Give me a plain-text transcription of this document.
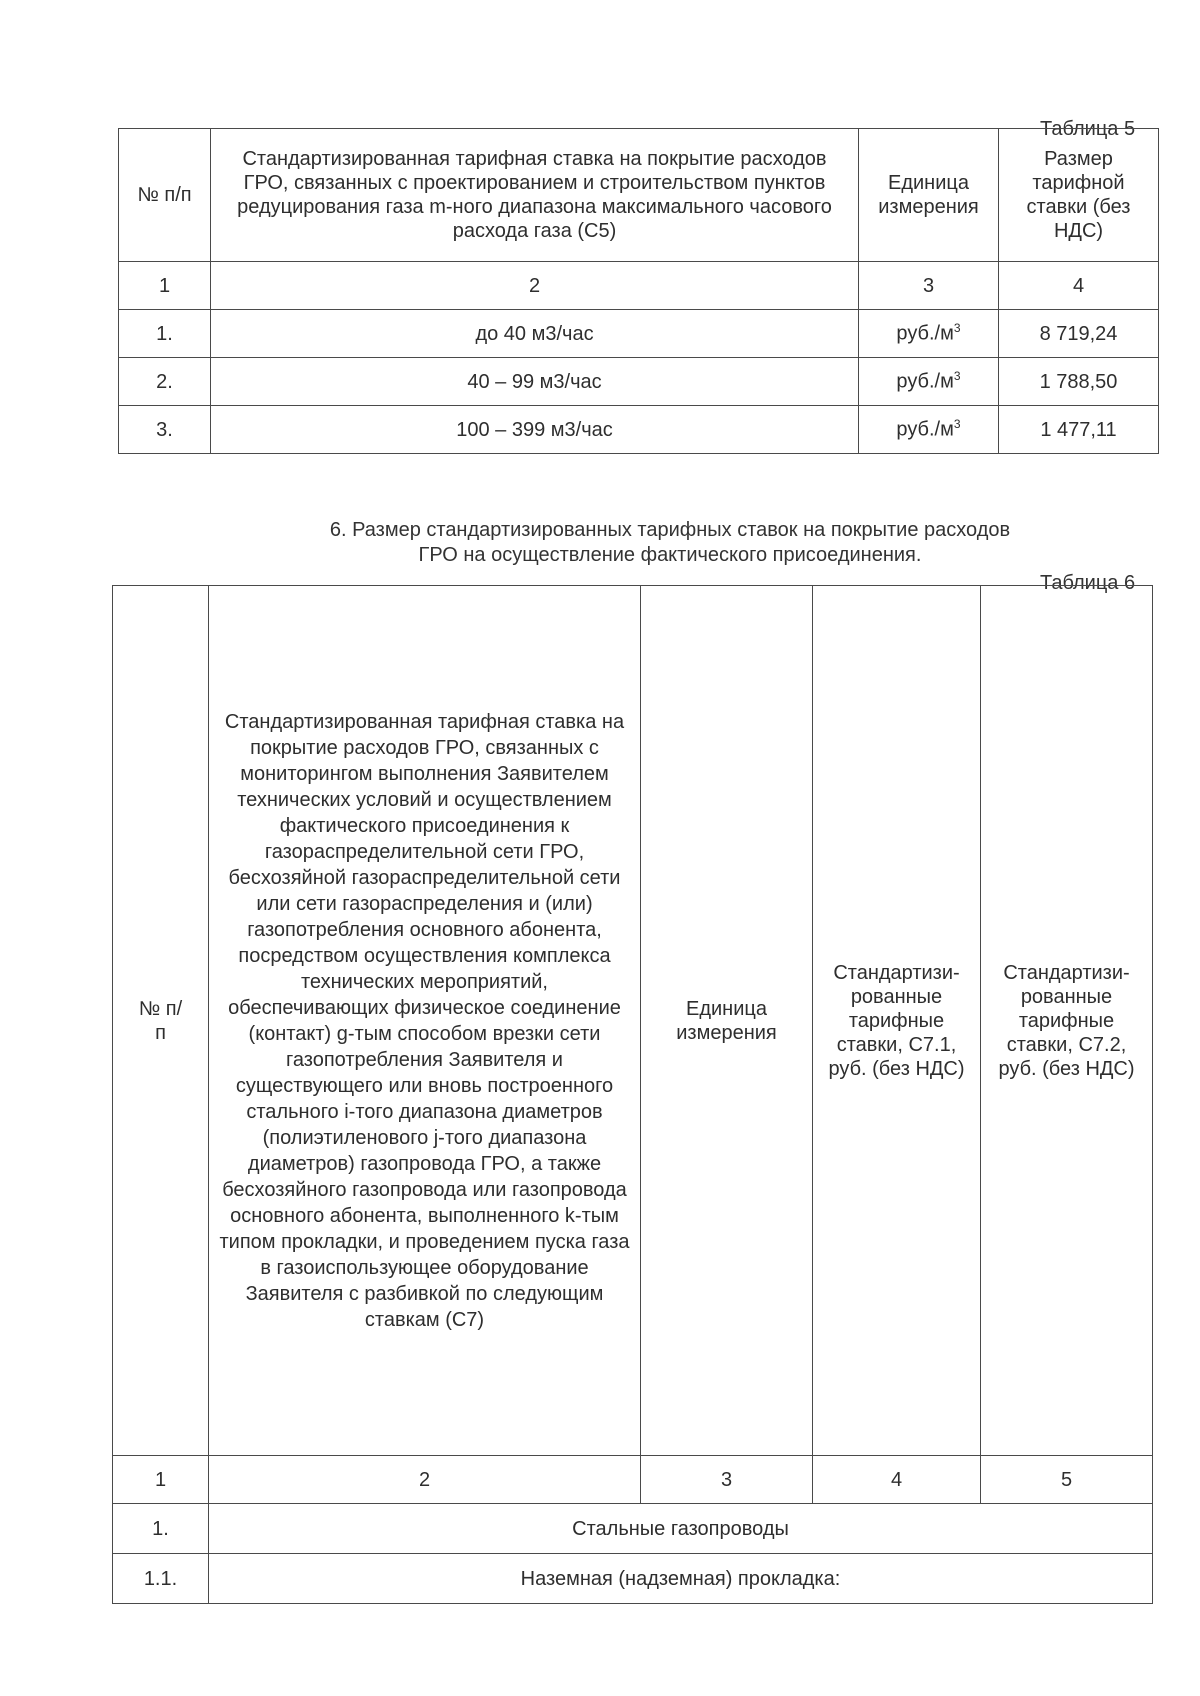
Таблица 5
№ п/п	Стандартизированная тарифная ставка на покрытие расходов ГРО, связанных с проектированием и строительством пунктов редуцирования газа m-ного диапазона максимального часового расхода газа (С5)	Единица измерения	Размер тарифной ставки (без НДС)
1	2	3	4
1.	до 40 м3/час	$руб./м^3$	8 719,24
2.	40 – 99 м3/час	$руб./м^3$	1 788,50
3.	100 – 399 м3/час	$руб./м^3$	1 477,11
6. Размер стандартизированных тарифных ставок на покрытие расходов
ГРО на осуществление фактического присоединения.
Таблица 6
№ п/п	Стандартизированная тарифная ставка на покрытие расходов ГРО, связанных с мониторингом выполнения Заявителем технических условий и осуществлением фактического присоединения к газораспределительной сети ГРО, бесхозяйной газораспределительной сети или сети газораспределения и (или) газопотребления основного абонента, посредством осуществления комплекса технических мероприятий, обеспечивающих физическое соединение (контакт) g-тым способом врезки сети газопотребления Заявителя и существующего или вновь построенного стального i-того диапазона диаметров (полиэтиленового j-того диапазона диаметров) газопровода ГРО, а также бесхозяйного газопровода или газопровода основного абонента, выполненного k-тым типом прокладки, и проведением пуска газа в газоиспользующее оборудование Заявителя с разбивкой по следующим ставкам (С7)	Единица измерения	Стандартизи-рованные тарифные ставки, С7.1, руб. (без НДС)	Стандартизи-рованные тарифные ставки, С7.2, руб. (без НДС)
1	2	3	4	5
1.	Стальные газопроводы			
1.1.	Наземная (надземная) прокладка:			
